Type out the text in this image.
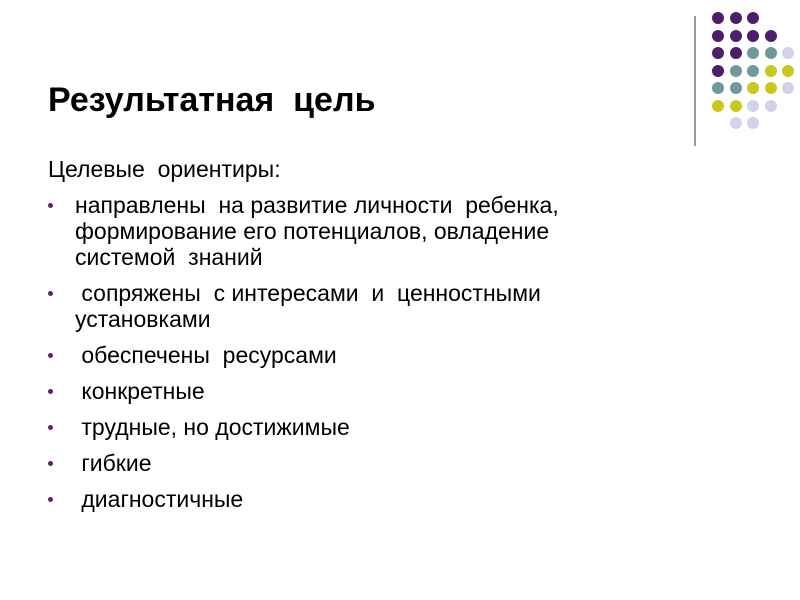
Результатная  цель
Целевые  ориентиры:
направлены  на развитие личности  ребенка,
формирование его потенциалов, овладение
системой  знаний
сопряжены  с интересами  и  ценностными
установками
обеспечены  ресурсами
конкретные
трудные, но достижимые
гибкие
диагностичные
